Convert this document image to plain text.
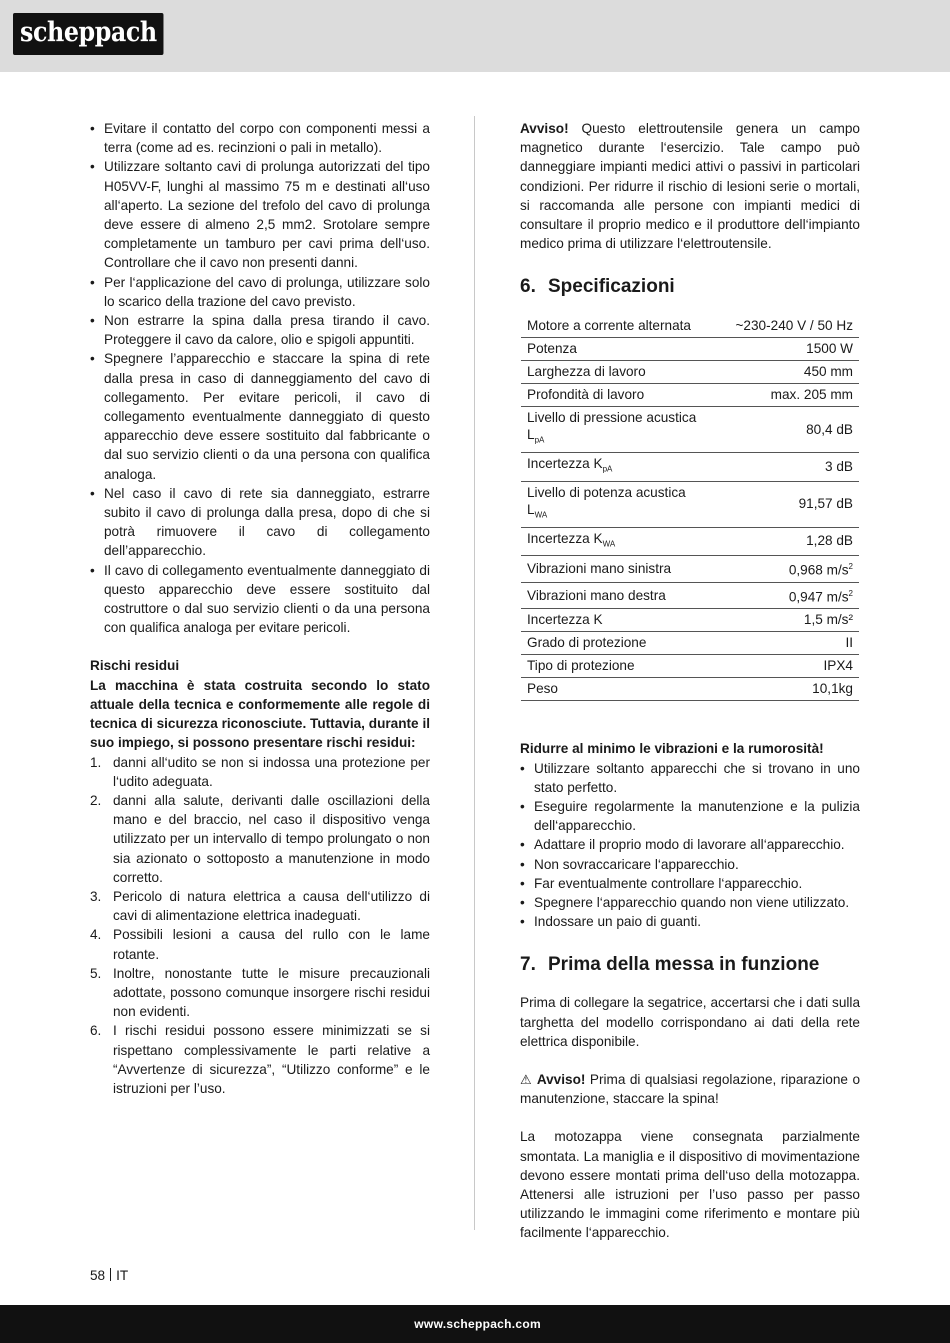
scheppach
• Evitare il contatto del corpo con componenti messi a terra (come ad es. recinzioni o pali in metallo).
• Utilizzare soltanto cavi di prolunga autorizzati del tipo H05VV-F, lunghi al massimo 75 m e destinati all‘uso all‘aperto. La sezione del trefolo del cavo di prolunga deve essere di almeno 2,5 mm2. Srotolare sempre completamente un tamburo per cavi prima dell‘uso. Controllare che il cavo non presenti danni.
• Per l‘applicazione del cavo di prolunga, utilizzare solo lo scarico della trazione del cavo previsto.
• Non estrarre la spina dalla presa tirando il cavo. Proteggere il cavo da calore, olio e spigoli appuntiti.
• Spegnere l’apparecchio e staccare la spina di rete dalla presa in caso di danneggiamento del cavo di collegamento. Per evitare pericoli, il cavo di collegamento eventualmente danneggiato di questo apparecchio deve essere sostituito dal fabbricante o dal suo servizio clienti o da una persona con qualifica analoga.
• Nel caso il cavo di rete sia danneggiato, estrarre subito il cavo di prolunga dalla presa, dopo di che si potrà rimuovere il cavo di collegamento dell’apparecchio.
• Il cavo di collegamento eventualmente danneggiato di questo apparecchio deve essere sostituito dal costruttore o dal suo servizio clienti o da una persona con qualifica analoga per evitare pericoli.
Rischi residui

La macchina è stata costruita secondo lo stato attuale della tecnica e conformemente alle regole di tecnica di sicurezza riconosciute. Tuttavia, durante il suo impiego, si possono presentare rischi residui:

1. danni all‘udito se non si indossa una protezione per l‘udito adeguata.
2. danni alla salute, derivanti dalle oscillazioni della mano e del braccio, nel caso il dispositivo venga utilizzato per un intervallo di tempo prolungato o non sia azionato o sottoposto a manutenzione in modo corretto.
3. Pericolo di natura elettrica a causa dell‘utilizzo di cavi di alimentazione elettrica inadeguati.
4. Possibili lesioni a causa del rullo con le lame rotante.
5. Inoltre, nonostante tutte le misure precauzionali adottate, possono comunque insorgere rischi residui non evidenti.
6. I rischi residui possono essere minimizzati se si rispettano complessivamente le parti relative a “Avvertenze di sicurezza”, “Utilizzo conforme” e le istruzioni per l’uso.

Avviso! Questo elettroutensile genera un campo magnetico durante l‘esercizio. Tale campo può danneggiare impianti medici attivi o passivi in particolari condizioni. Per ridurre il rischio di lesioni serie o mortali, si raccomanda alle persone con impianti medici di consultare il proprio medico e il produttore dell‘impianto medico prima di utilizzare l‘elettroutensile.

6. Specificazioni
Motore a corrente alternata	~230-240 V / 50 Hz
Potenza	1500 W
Larghezza di lavoro	450 mm
Profondità di lavoro	max. 205 mm
Livello di pressione acustica $L_{pA}$	80,4 dB
Incertezza $K_{pA}$	3 dB
Livello di potenza acustica $L_{WA}$	91,57 dB
Incertezza $K_{WA}$	1,28 dB
Vibrazioni mano sinistra	0,968 $m/s^2$
Vibrazioni mano destra	0,947 $m/s^2$
Incertezza K	1,5 m/s²
Grado di protezione	II
Tipo di protezione	IPX4
Peso	10,1kg
Ridurre al minimo le vibrazioni e la rumorosità!
• Utilizzare soltanto apparecchi che si trovano in uno stato perfetto.
• Eseguire regolarmente la manutenzione e la pulizia dell‘apparecchio.
• Adattare il proprio modo di lavorare all‘apparecchio.
• Non sovraccaricare l‘apparecchio.
• Far eventualmente controllare l‘apparecchio.
• Spegnere l‘apparecchio quando non viene utilizzato.
• Indossare un paio di guanti.
7. Prima della messa in funzione

Prima di collegare la segatrice, accertarsi che i dati sulla targhetta del modello corrispondano ai dati della rete elettrica disponibile.

⚠ Avviso! Prima di qualsiasi regolazione, riparazione o manutenzione, staccare la spina!

La motozappa viene consegnata parzialmente smontata. La maniglia e il dispositivo di movimentazione devono essere montati prima dell‘uso della motozappa. Attenersi alle istruzioni per l’uso passo per passo utilizzando le immagini come riferimento e montare più facilmente l‘apparecchio.

58 IT
www.scheppach.com
